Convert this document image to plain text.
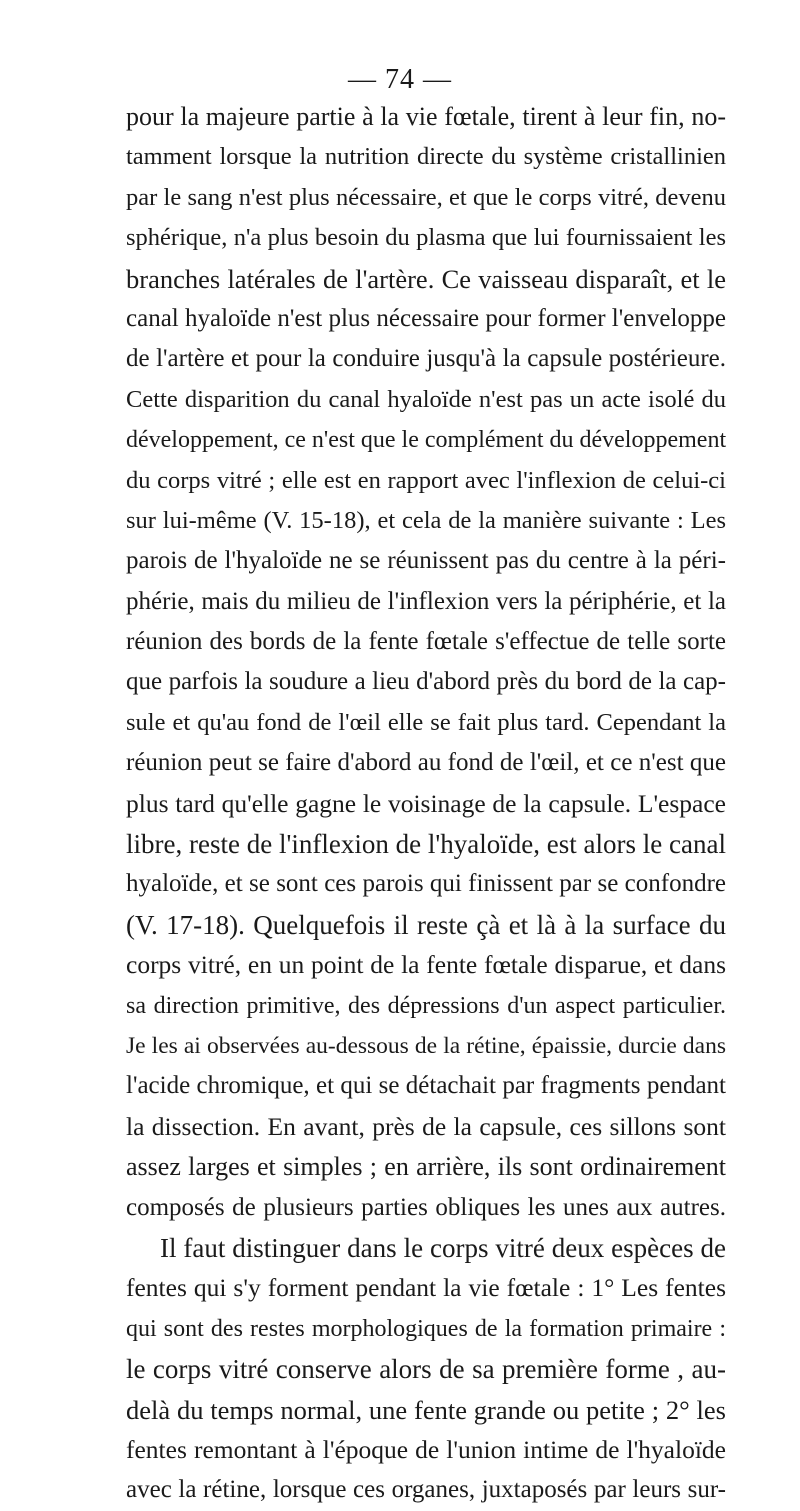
— 74 —
pour la majeure partie à la vie fœtale, tirent à leur fin, no-
tamment lorsque la nutrition directe du système cristallinien
par le sang n'est plus nécessaire, et que le corps vitré, devenu
sphérique, n'a plus besoin du plasma que lui fournissaient les
branches latérales de l'artère. Ce vaisseau disparaît, et le
canal hyaloïde n'est plus nécessaire pour former l'enveloppe
de l'artère et pour la conduire jusqu'à la capsule postérieure.
Cette disparition du canal hyaloïde n'est pas un acte isolé du
développement, ce n'est que le complément du développement
du corps vitré ; elle est en rapport avec l'inflexion de celui-ci
sur lui-même (V. 15-18), et cela de la manière suivante : Les
parois de l'hyaloïde ne se réunissent pas du centre à la péri-
phérie, mais du milieu de l'inflexion vers la périphérie, et la
réunion des bords de la fente fœtale s'effectue de telle sorte
que parfois la soudure a lieu d'abord près du bord de la cap-
sule et qu'au fond de l'œil elle se fait plus tard. Cependant la
réunion peut se faire d'abord au fond de l'œil, et ce n'est que
plus tard qu'elle gagne le voisinage de la capsule. L'espace
libre, reste de l'inflexion de l'hyaloïde, est alors le canal
hyaloïde, et se sont ces parois qui finissent par se confondre
(V. 17-18). Quelquefois il reste çà et là à la surface du
corps vitré, en un point de la fente fœtale disparue, et dans
sa direction primitive, des dépressions d'un aspect particulier.
Je les ai observées au-dessous de la rétine, épaissie, durcie dans
l'acide chromique, et qui se détachait par fragments pendant
la dissection. En avant, près de la capsule, ces sillons sont
assez larges et simples ; en arrière, ils sont ordinairement
composés de plusieurs parties obliques les unes aux autres.
Il faut distinguer dans le corps vitré deux espèces de
fentes qui s'y forment pendant la vie fœtale : 1° Les fentes
qui sont des restes morphologiques de la formation primaire :
le corps vitré conserve alors de sa première forme , au-
delà du temps normal, une fente grande ou petite ; 2° les
fentes remontant à l'époque de l'union intime de l'hyaloïde
avec la rétine, lorsque ces organes, juxtaposés par leurs sur-
